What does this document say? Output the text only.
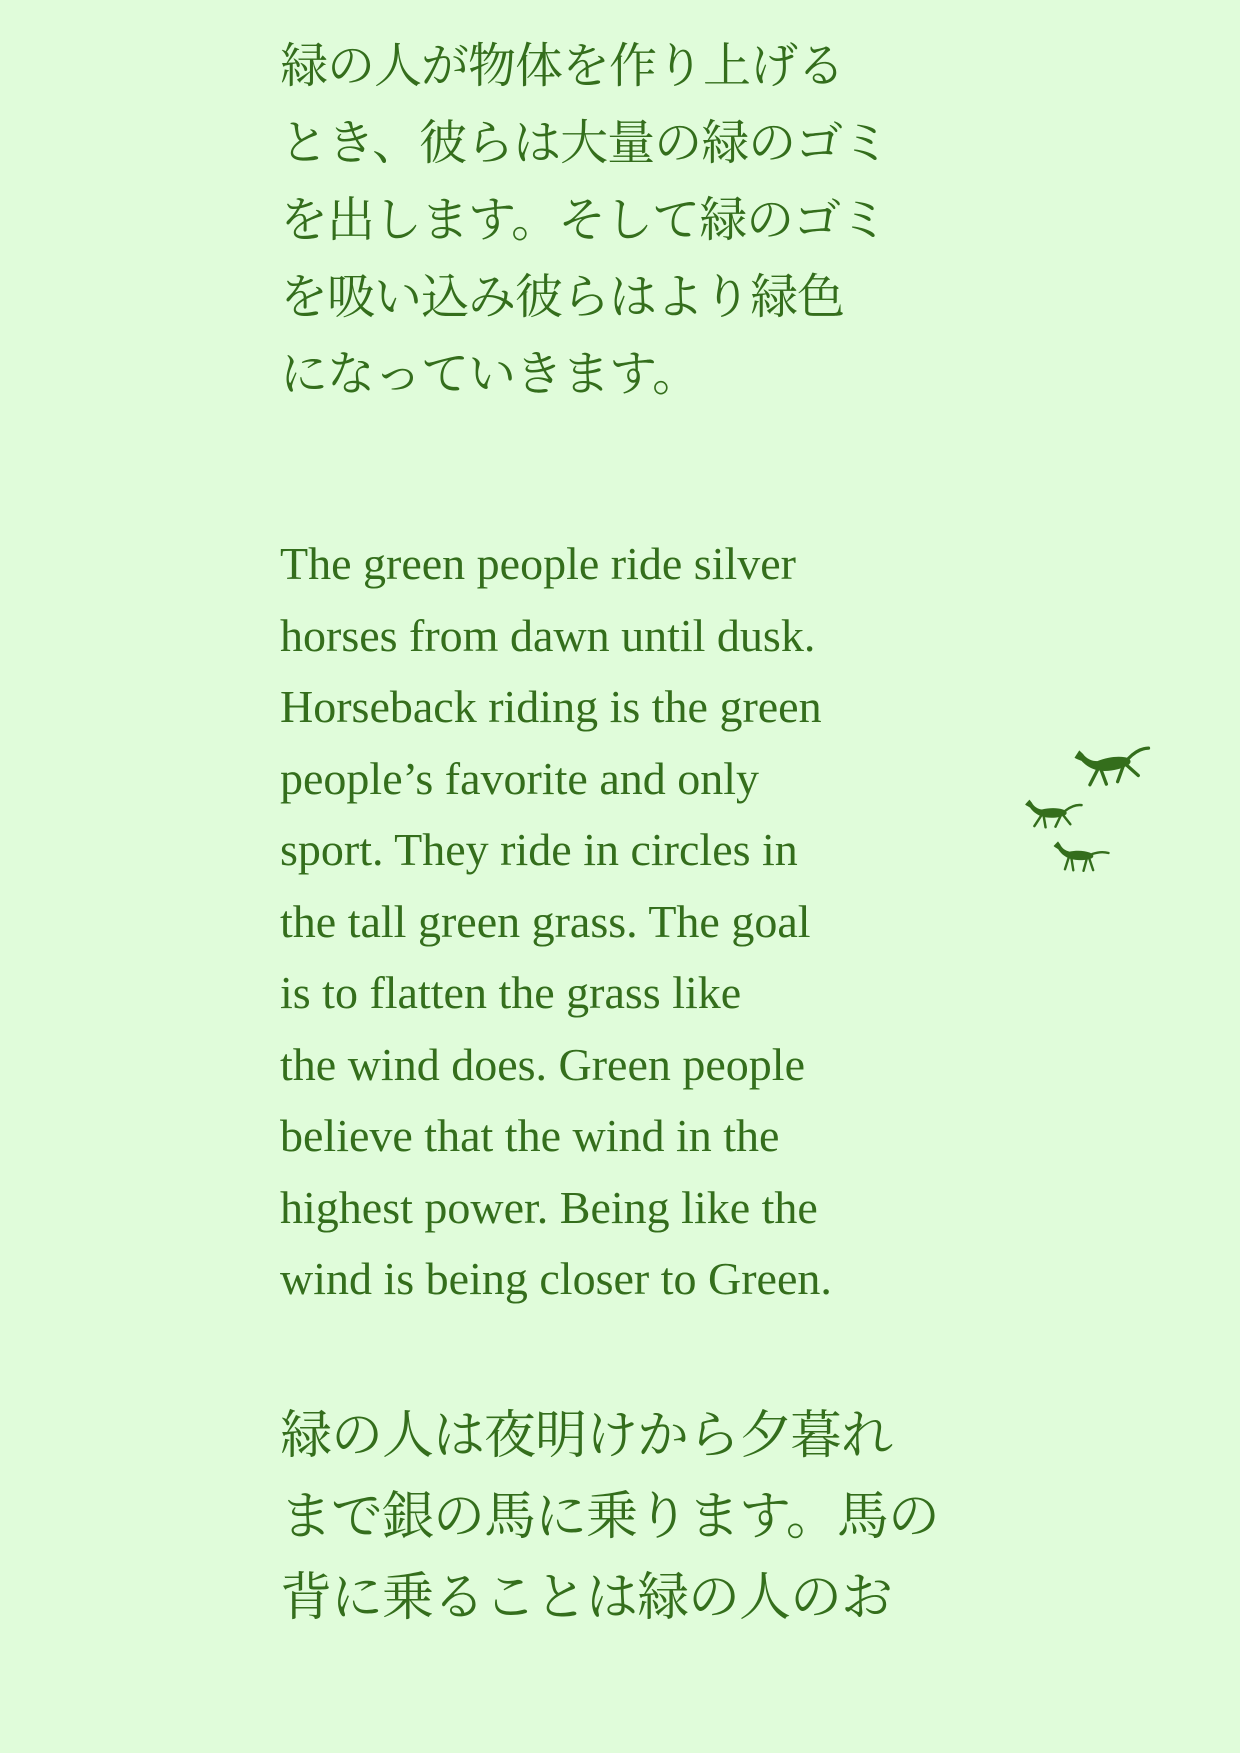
緑の人が物体を作り上げる
とき、彼らは大量の緑のゴミ
を出します。そして緑のゴミ
を吸い込み彼らはより緑色
になっていきます。
The green people ride silver
horses from dawn until dusk.
Horseback riding is the green
people’s favorite and only
sport. They ride in circles in
the tall green grass. The goal
is to flatten the grass like
the wind does. Green people
believe that the wind in the
highest power. Being like the
wind is being closer to Green.
緑の人は夜明けから夕暮れ
まで銀の馬に乗ります。馬の
背に乗ることは緑の人のお
